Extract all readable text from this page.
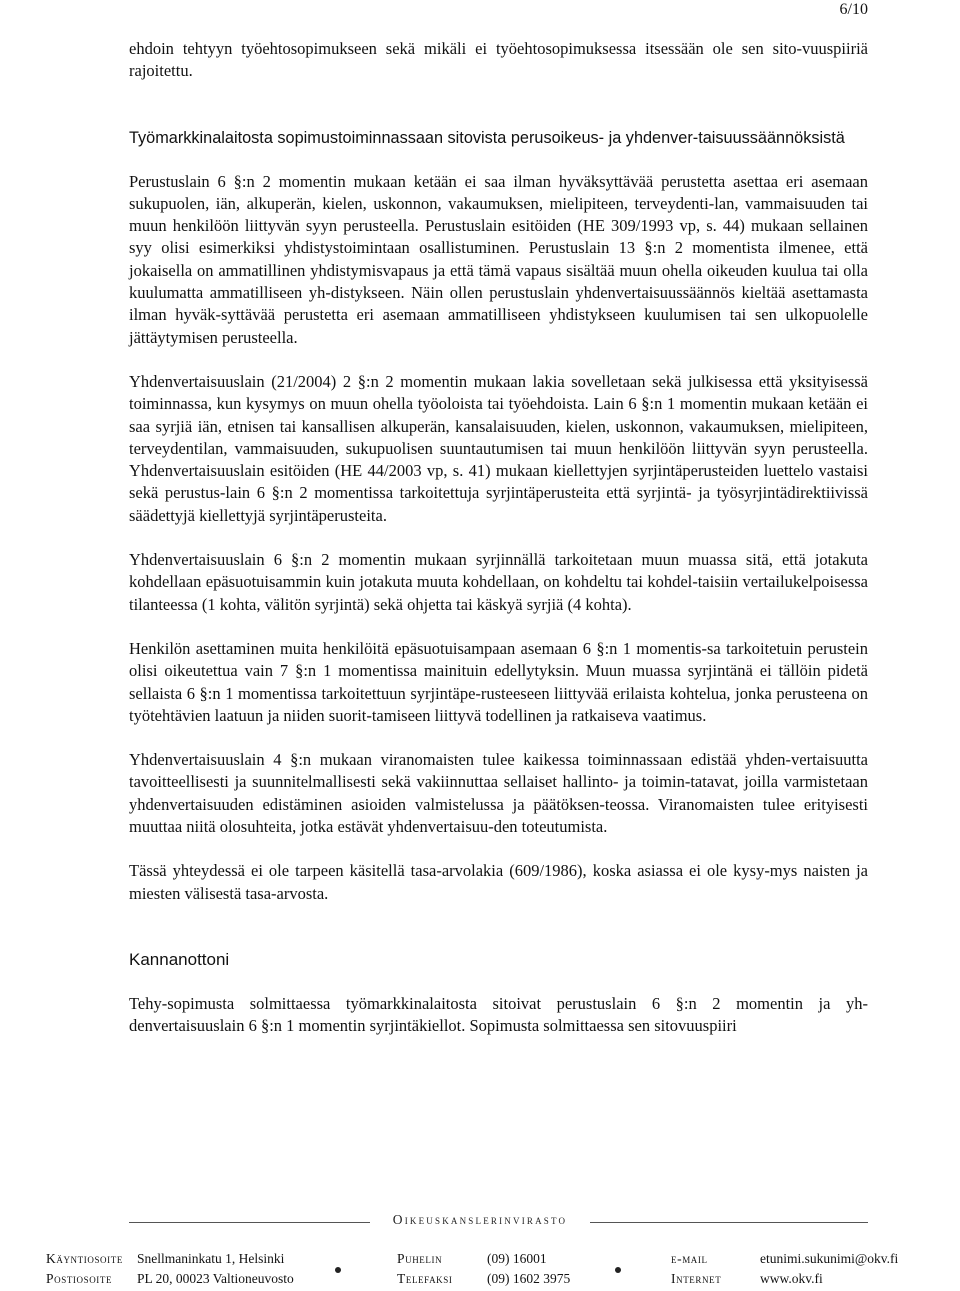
6/10

ehdoin tehtyyn työehtosopimukseen sekä mikäli ei työehtosopimuksessa itsessään ole sen sito-vuuspiiriä rajoitettu.

Työmarkkinalaitosta sopimustoiminnassaan sitovista perusoikeus- ja yhdenver-taisuussäännöksistä

Perustuslain 6 §:n 2 momentin mukaan ketään ei saa ilman hyväksyttävää perustetta asettaa eri asemaan sukupuolen, iän, alkuperän, kielen, uskonnon, vakaumuksen, mielipiteen, terveydenti-lan, vammaisuuden tai muun henkilöön liittyvän syyn perusteella. Perustuslain esitöiden (HE 309/1993 vp, s. 44) mukaan sellainen syy olisi esimerkiksi yhdistystoimintaan osallistuminen. Perustuslain 13 §:n 2 momentista ilmenee, että jokaisella on ammatillinen yhdistymisvapaus ja että tämä vapaus sisältää muun ohella oikeuden kuulua tai olla kuulumatta ammatilliseen yh-distykseen. Näin ollen perustuslain yhdenvertaisuussäännös kieltää asettamasta ilman hyväk-syttävää perustetta eri asemaan ammatilliseen yhdistykseen kuulumisen tai sen ulkopuolelle jättäytymisen perusteella.

Yhdenvertaisuuslain (21/2004) 2 §:n 2 momentin mukaan lakia sovelletaan sekä julkisessa että yksityisessä toiminnassa, kun kysymys on muun ohella työoloista tai työehdoista. Lain 6 §:n 1 momentin mukaan ketään ei saa syrjiä iän, etnisen tai kansallisen alkuperän, kansalaisuuden, kielen, uskonnon, vakaumuksen, mielipiteen, terveydentilan, vammaisuuden, sukupuolisen suuntautumisen tai muun henkilöön liittyvän syyn perusteella. Yhdenvertaisuuslain esitöiden (HE 44/2003 vp, s. 41) mukaan kiellettyjen syrjintäperusteiden luettelo vastaisi sekä perustus-lain 6 §:n 2 momentissa tarkoitettuja syrjintäperusteita että syrjintä- ja työsyrjintädirektiivissä säädettyjä kiellettyjä syrjintäperusteita.

Yhdenvertaisuuslain 6 §:n 2 momentin mukaan syrjinnällä tarkoitetaan muun muassa sitä, että jotakuta kohdellaan epäsuotuisammin kuin jotakuta muuta kohdellaan, on kohdeltu tai kohdel-taisiin vertailukelpoisessa tilanteessa (1 kohta, välitön syrjintä) sekä ohjetta tai käskyä syrjiä (4 kohta).

Henkilön asettaminen muita henkilöitä epäsuotuisampaan asemaan 6 §:n 1 momentis-sa tarkoitetuin perustein olisi oikeutettua vain 7 §:n 1 momentissa mainituin edellytyksin. Muun muassa syrjintänä ei tällöin pidetä sellaista 6 §:n 1 momentissa tarkoitettuun syrjintäpe-rusteeseen liittyvää erilaista kohtelua, jonka perusteena on työtehtävien laatuun ja niiden suorit-tamiseen liittyvä todellinen ja ratkaiseva vaatimus.

Yhdenvertaisuuslain 4 §:n mukaan viranomaisten tulee kaikessa toiminnassaan edistää yhden-vertaisuutta tavoitteellisesti ja suunnitelmallisesti sekä vakiinnuttaa sellaiset hallinto- ja toimin-tatavat, joilla varmistetaan yhdenvertaisuuden edistäminen asioiden valmistelussa ja päätöksen-teossa. Viranomaisten tulee erityisesti muuttaa niitä olosuhteita, jotka estävät yhdenvertaisuu-den toteutumista.

Tässä yhteydessä ei ole tarpeen käsitellä tasa-arvolakia (609/1986), koska asiassa ei ole kysy-mys naisten ja miesten välisestä tasa-arvosta.

Kannanottoni

Tehy-sopimusta solmittaessa työmarkkinalaitosta sitoivat perustuslain 6 §:n 2 momentin ja yh-denvertaisuuslain 6 §:n 1 momentin syrjintäkiellot. Sopimusta solmittaessa sen sitovuuspiiri

Oikeuskanslerinvirasto
Käyntiosoite Snellmaninkatu 1, Helsinki
Postiosoite PL 20, 00023 Valtioneuvosto
Puhelin	(09) 16001
Telefaksi	(09) 1602 3975
e-mail	etunimi.sukunimi@okv.fi
Internet	www.okv.fi
